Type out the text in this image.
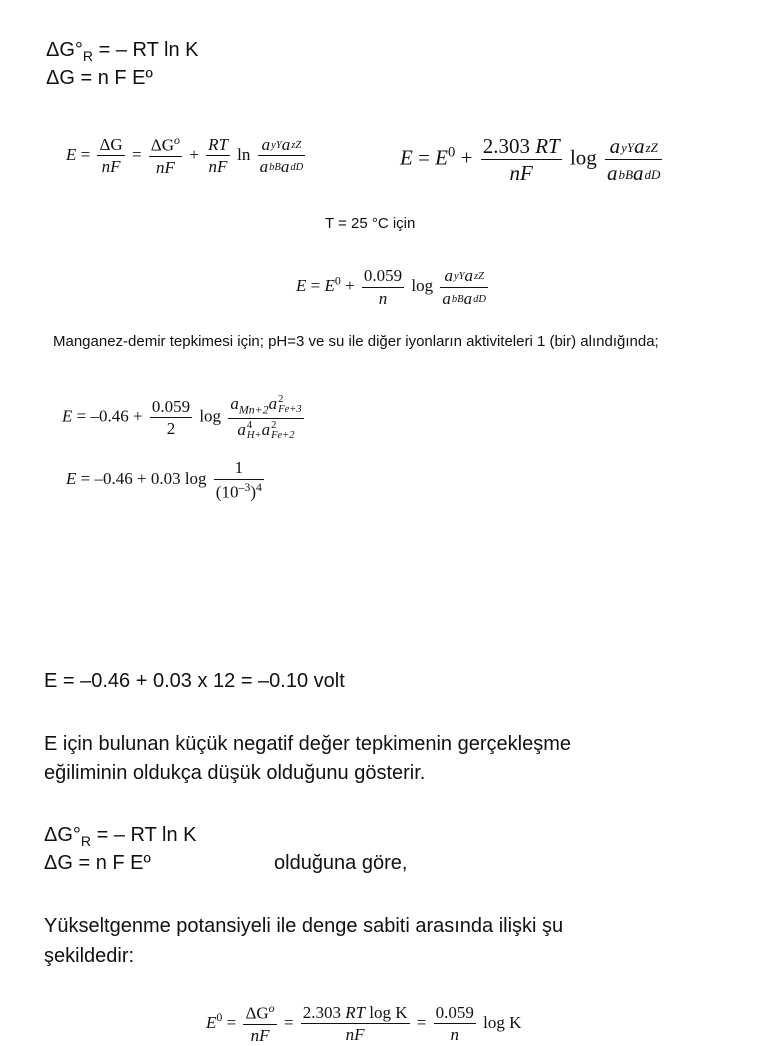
$\Delta G^\circ_R$ = – RT ln K
ΔG = n F Eº
$E = \frac{\Delta G}{nF} = \frac{\Delta G^o}{nF} + \frac{RT}{nF}$ $\ln \frac{\text{ayYazZ}}{\text{abBadD}}$	$E = E^0 + \frac{2.303 RT}{nF}$ $\log \frac{\text{ayYazZ}}{\text{abBadD}}$
T = 25 °C için
$E = E^0 + \frac{0.059}{n}$ $\log \frac{\text{ayYazZ}}{\text{abBadD}}$
Manganez-demir tepkimesi için; pH=3 ve su ile diğer iyonların aktiviteleri 1 (bir) alındığında;
$E = -0.46 + \frac{0.059}{2}$ $\log a_{Mn+2}a$ 2
Fe+3
a 4
H+a 2
Fe+2
E = –0.46 + 0.03 $\log \frac{1}{(10^{-3})^4}$
E = –0.46 + 0.03 x 12 = –0.10 volt
E için bulunan küçük negatif değer tepkimenin gerçekleşme
eğiliminin oldukça düşük olduğunu gösterir.
$\Delta G^\circ_R$ = – RT ln K
ΔG = n F Eº	olduğuna göre,
Yükseltgenme potansiyeli ile denge sabiti arasında ilişki şu
şekildedir:
$E^0 = \frac{\Delta G^o}{nF} = \frac{\text{2.303 RT log K}}{nF} = \frac{0.059}{n}$ log K
